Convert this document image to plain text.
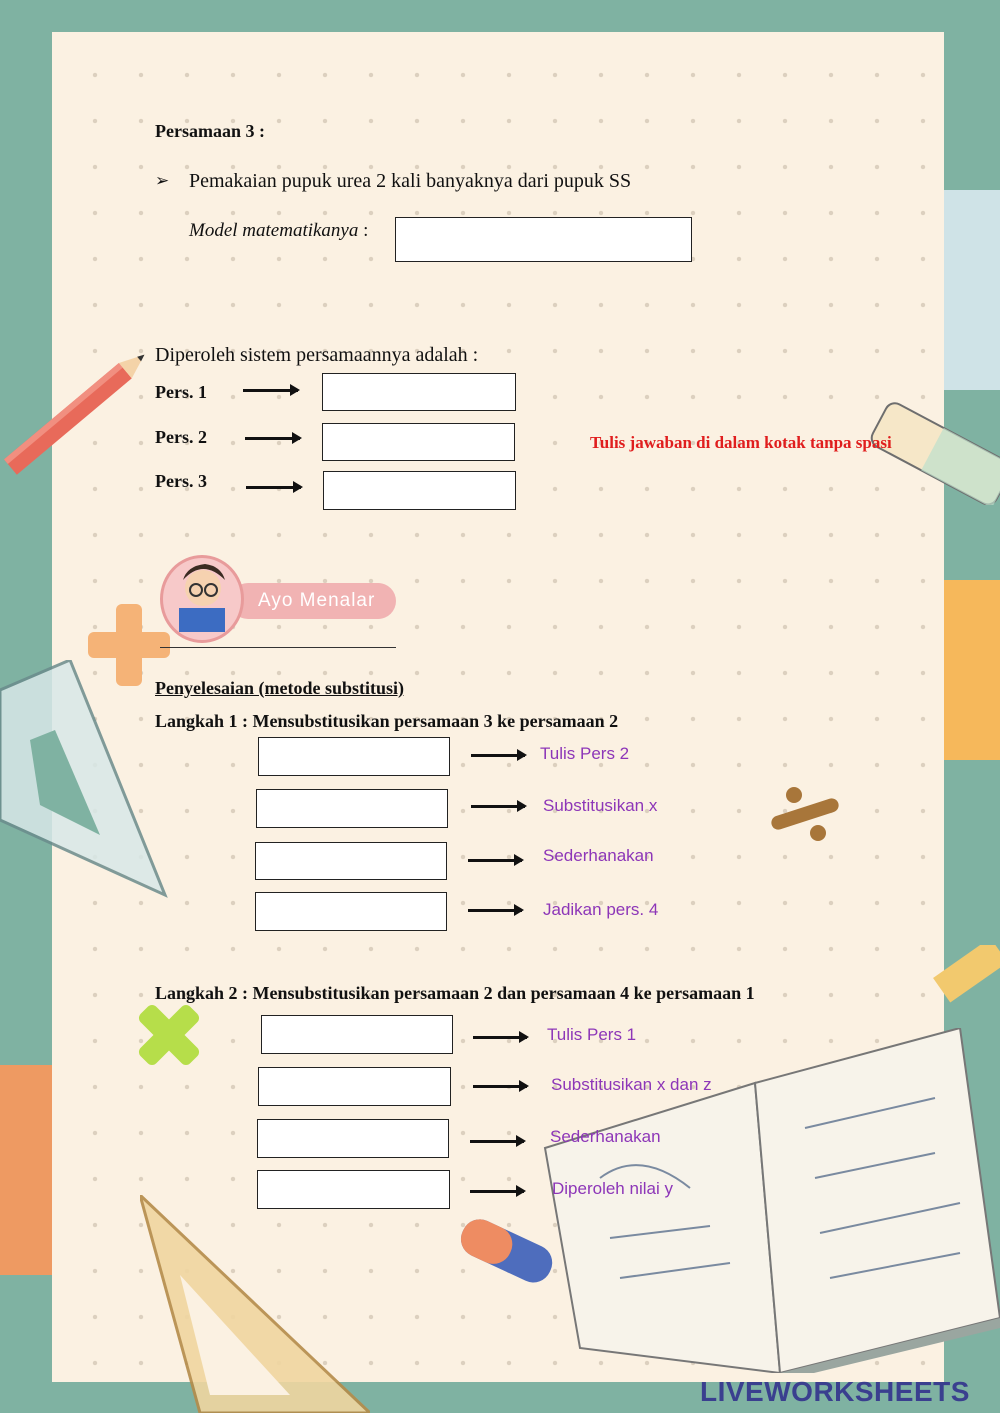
Persamaan 3 :
➢ Pemakaian pupuk urea 2 kali banyaknya dari pupuk SS
Model matematikanya :
Diperoleh sistem persamaannya adalah :
Pers. 1
Pers. 2
Pers. 3
Tulis jawaban di dalam kotak tanpa spasi
Ayo Menalar
Penyelesaian (metode substitusi)
Langkah 1 : Mensubstitusikan persamaan 3 ke persamaan 2
Tulis Pers 2
Substitusikan x
Sederhanakan
Jadikan pers. 4
Langkah 2 : Mensubstitusikan persamaan 2 dan persamaan 4 ke persamaan 1
Tulis Pers 1
Substitusikan x dan z
Sederhanakan
Diperoleh nilai y
LIVEWORKSHEETS
